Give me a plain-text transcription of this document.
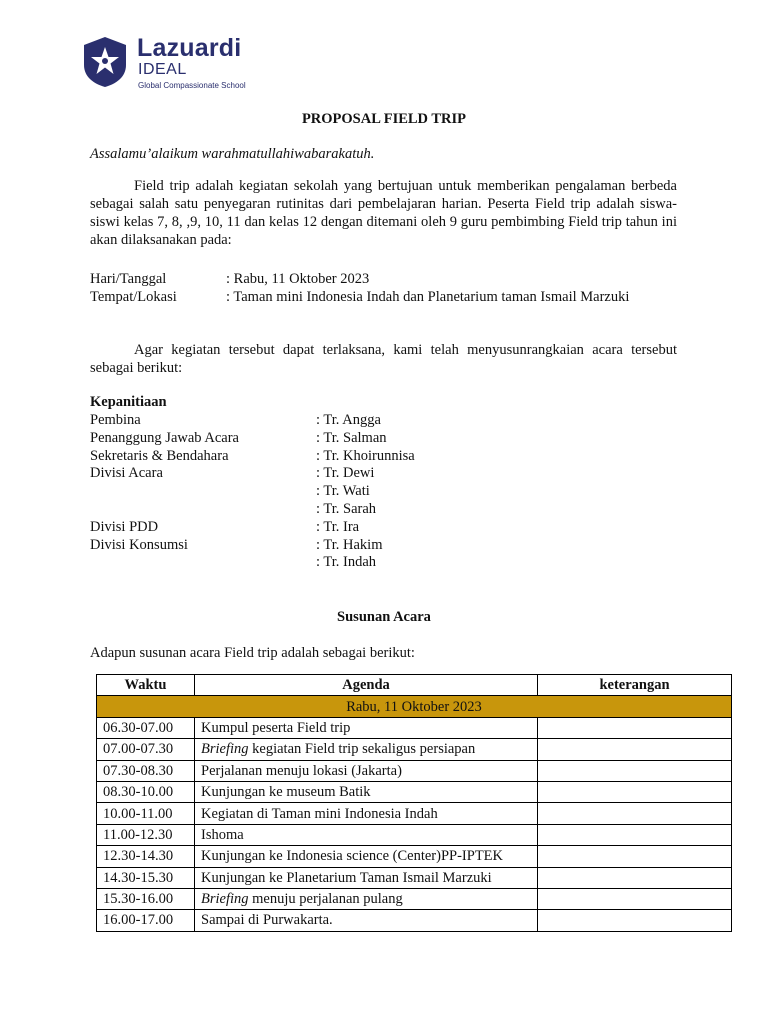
Lazuardi
IDEAL
Global Compassionate School
PROPOSAL FIELD TRIP
Assalamu’alaikum warahmatullahiwabarakatuh.
Field trip adalah kegiatan sekolah yang bertujuan untuk memberikan pengalaman berbeda sebagai salah satu penyegaran rutinitas dari pembelajaran harian. Peserta Field trip adalah siswa-siswi kelas 7, 8, ,9, 10, 11 dan kelas 12 dengan ditemani oleh 9 guru pembimbing Field trip tahun ini akan dilaksanakan pada:
Hari/Tanggal	: Rabu, 11 Oktober 2023
Tempat/Lokasi	: Taman mini Indonesia Indah dan Planetarium taman Ismail Marzuki
Agar kegiatan tersebut dapat terlaksana, kami telah menyusunrangkaian acara tersebut sebagai berikut:
Kepanitiaan
Pembina	: Tr. Angga
Penanggung Jawab Acara	: Tr. Salman
Sekretaris & Bendahara	: Tr. Khoirunnisa
Divisi Acara	: Tr. Dewi
: Tr. Wati
: Tr. Sarah
Divisi PDD	: Tr. Ira
Divisi Konsumsi	: Tr. Hakim
: Tr. Indah
Susunan Acara
Adapun susunan acara Field trip adalah sebagai berikut:
Waktu	Agenda	keterangan
Rabu, 11 Oktober 2023		
06.30-07.00	Kumpul peserta Field trip	
07.00-07.30	Briefing kegiatan Field trip sekaligus persiapan	
07.30-08.30	Perjalanan menuju lokasi (Jakarta)	
08.30-10.00	Kunjungan ke museum Batik	
10.00-11.00	Kegiatan di Taman mini Indonesia Indah	
11.00-12.30	Ishoma	
12.30-14.30	Kunjungan ke Indonesia science (Center)PP-IPTEK	
14.30-15.30	Kunjungan ke Planetarium Taman Ismail Marzuki	
15.30-16.00	Briefing menuju perjalanan pulang	
16.00-17.00	Sampai di Purwakarta.	
